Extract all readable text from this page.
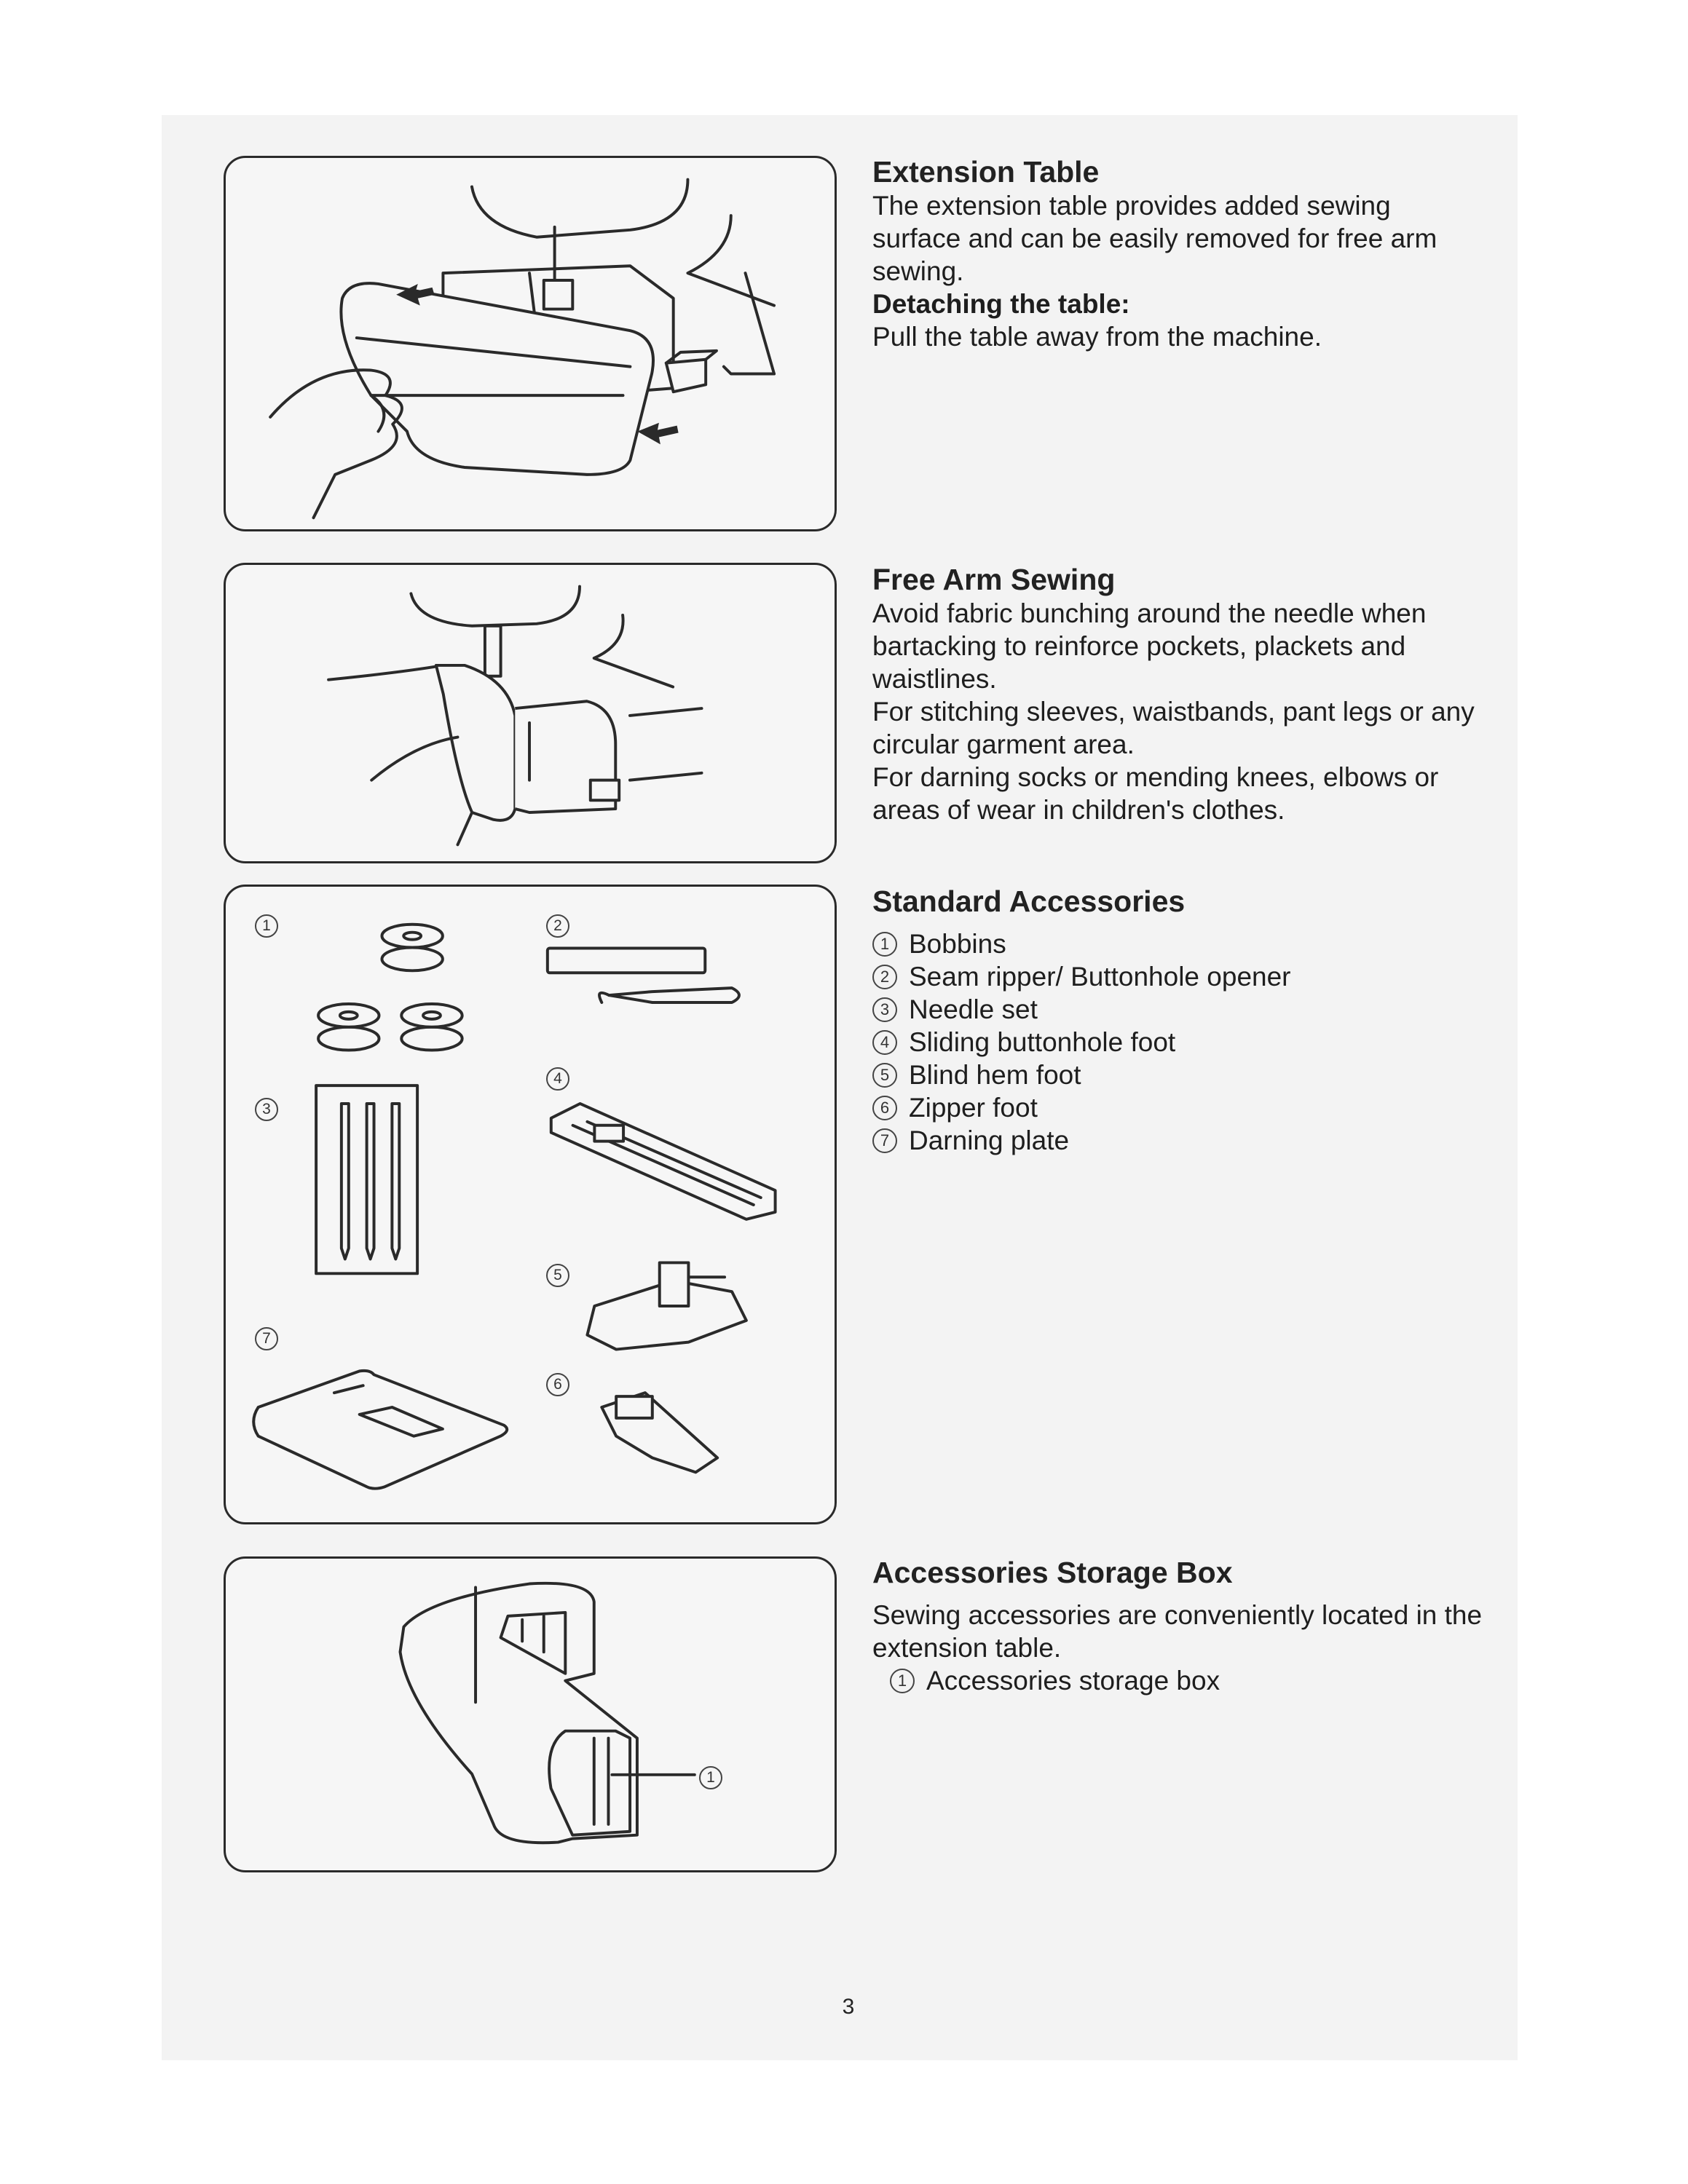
Extension Table

The extension table provides added sewing surface and can be easily removed for free arm sewing.

Detaching the table:

Pull the table away from the machine.

Free Arm Sewing

Avoid fabric bunching around the needle when bartacking to reinforce pockets, plackets and waistlines.

For stitching sleeves, waistbands, pant legs or any circular garment area.

For darning socks or mending knees, elbows or areas of wear in children's clothes.

1	2
3
4
5
7
6
Standard Accessories
1 Bobbins
2 Seam ripper/ Buttonhole opener
3 Needle set
4 Sliding buttonhole foot
5 Blind hem foot
6 Zipper foot
7 Darning plate
1
Accessories Storage Box

Sewing accessories are conveniently located in the extension table.

1 Accessories storage box
3
